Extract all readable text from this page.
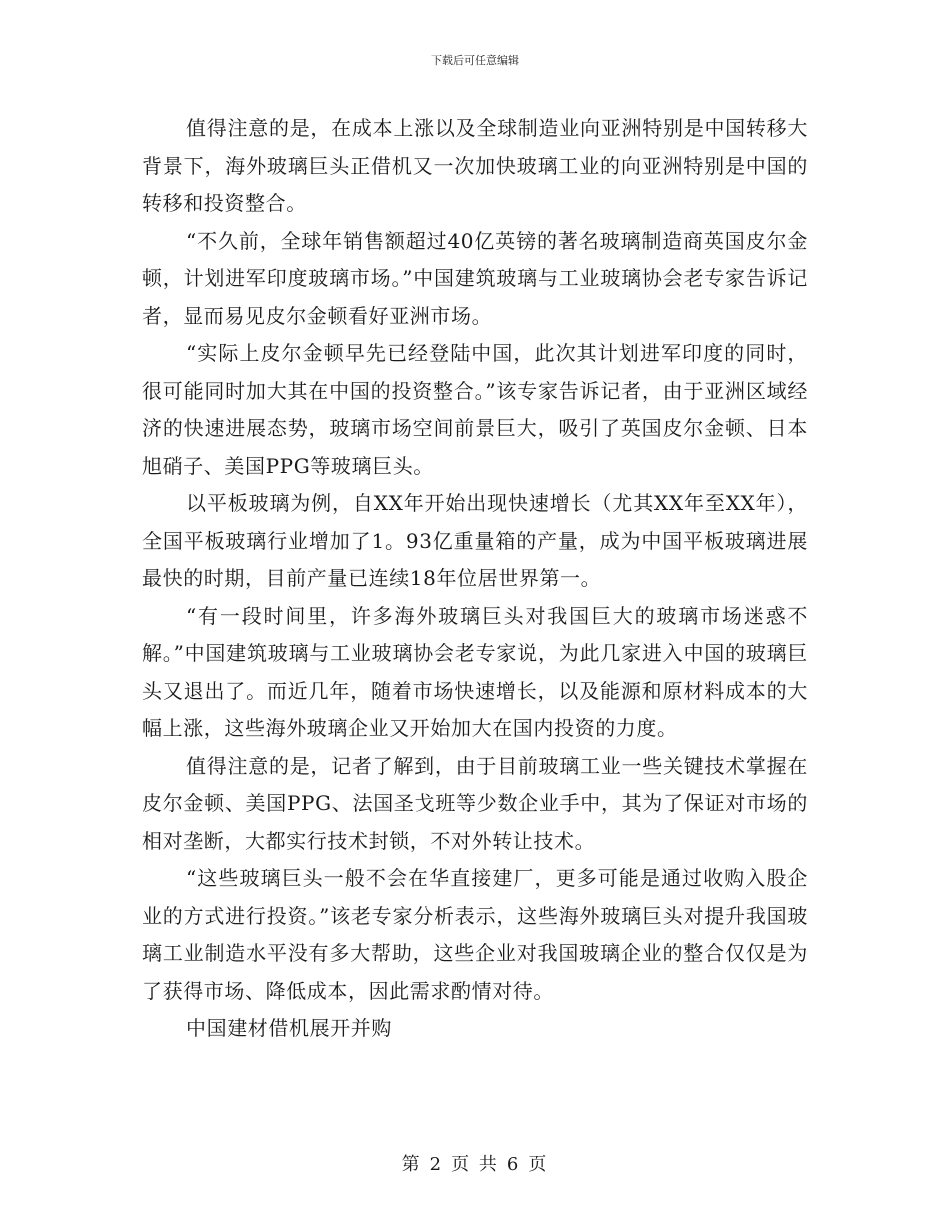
下载后可任意编辑

值得注意的是，在成本上涨以及全球制造业向亚洲特别是中国转移大背景下，海外玻璃巨头正借机又一次加快玻璃工业的向亚洲特别是中国的转移和投资整合。

“不久前，全球年销售额超过40亿英镑的著名玻璃制造商英国皮尔金顿，计划进军印度玻璃市场。”中国建筑玻璃与工业玻璃协会老专家告诉记者，显而易见皮尔金顿看好亚洲市场。

“实际上皮尔金顿早先已经登陆中国，此次其计划进军印度的同时，很可能同时加大其在中国的投资整合。”该专家告诉记者，由于亚洲区域经济的快速进展态势，玻璃市场空间前景巨大，吸引了英国皮尔金顿、日本旭硝子、美国PPG等玻璃巨头。

以平板玻璃为例，自XX年开始出现快速增长（尤其XX年至XX年），全国平板玻璃行业增加了1。93亿重量箱的产量，成为中国平板玻璃进展最快的时期，目前产量已连续18年位居世界第一。

“有一段时间里，许多海外玻璃巨头对我国巨大的玻璃市场迷惑不解。”中国建筑玻璃与工业玻璃协会老专家说，为此几家进入中国的玻璃巨头又退出了。而近几年，随着市场快速增长，以及能源和原材料成本的大幅上涨，这些海外玻璃企业又开始加大在国内投资的力度。

值得注意的是，记者了解到，由于目前玻璃工业一些关键技术掌握在皮尔金顿、美国PPG、法国圣戈班等少数企业手中，其为了保证对市场的相对垄断，大都实行技术封锁，不对外转让技术。

“这些玻璃巨头一般不会在华直接建厂，更多可能是通过收购入股企业的方式进行投资。”该老专家分析表示，这些海外玻璃巨头对提升我国玻璃工业制造水平没有多大帮助，这些企业对我国玻璃企业的整合仅仅是为了获得市场、降低成本，因此需求酌情对待。

中国建材借机展开并购

第 2 页 共 6 页
